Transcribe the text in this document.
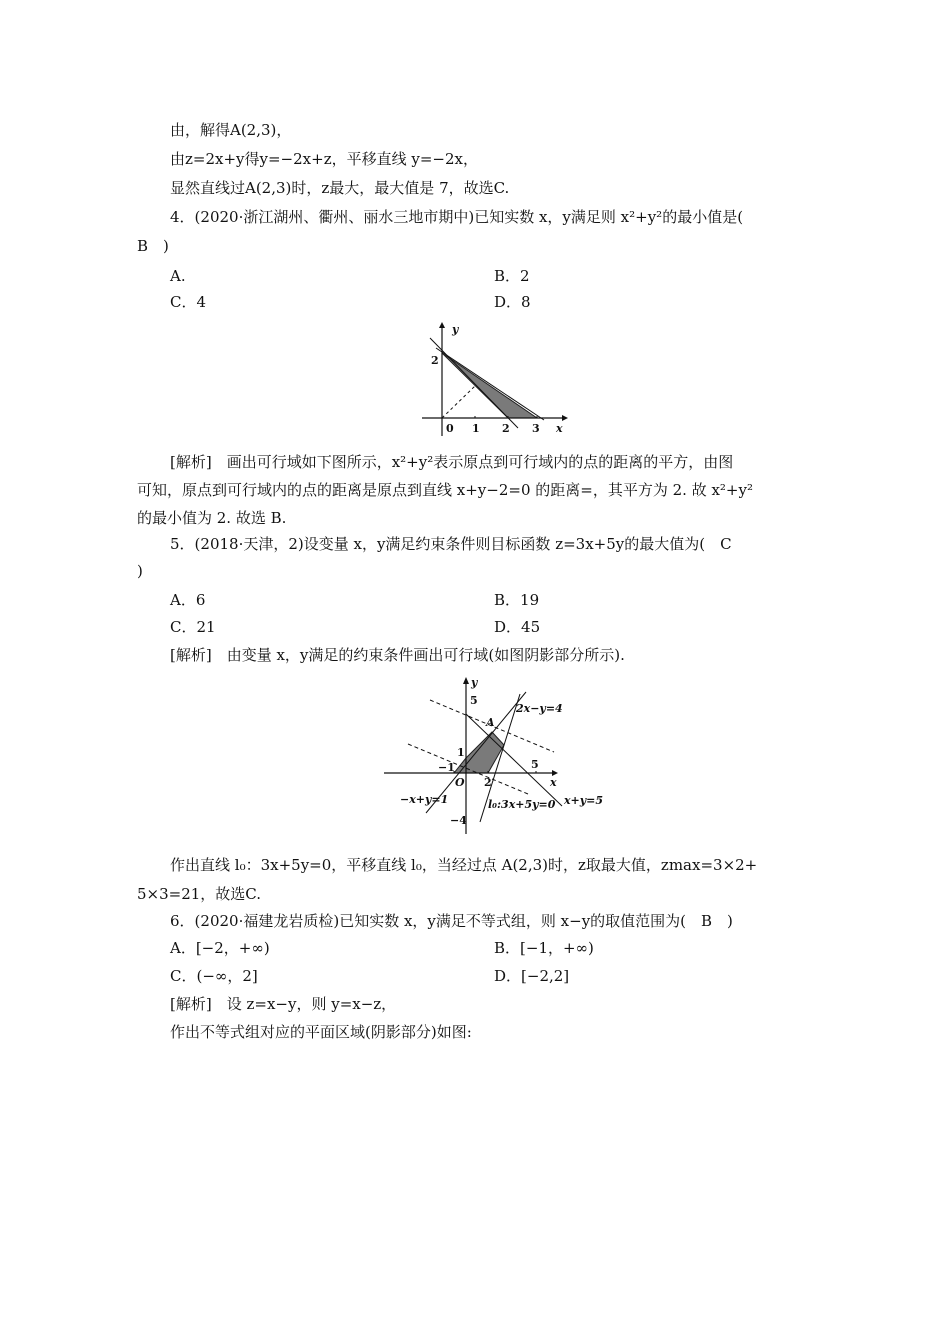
由，解得A(2,3)，
由z=2x+y得y=−2x+z，平移直线 y=−2x，
显然直线过A(2,3)时，z最大，最大值是 7，故选C.
4．(2020·浙江湖州、衢州、丽水三地市期中)已知实数 x，y满足则 x²+y²的最小值是(
B　)
A.	B．2
C．4	D．8
y
x
2
0 1 2 3
[解析]　画出可行域如下图所示，x²+y²表示原点到可行域内的点的距离的平方，由图
可知，原点到可行域内的点的距离是原点到直线 x+y−2=0 的距离=，其平方为 2. 故 x²+y²
的最小值为 2. 故选 B.
5．(2018·天津，2)设变量 x，y满足约束条件则目标函数 z=3x+5y的最大值为(　C
)
A．6	B．19
C．21	D．45
[解析]　由变量 x，y满足的约束条件画出可行域(如图阴影部分所示).
y
x
5
1
−1
O 2
5
−4
A
2x−y=4
−x+y=1	l₀:3x+5y=0 x+y=5
作出直线 l₀：3x+5y=0，平移直线 l₀，当经过点 A(2,3)时，z取最大值，zmax=3×2+
5×3=21，故选C.
6．(2020·福建龙岩质检)已知实数 x，y满足不等式组，则 x−y的取值范围为(　B　)
A．[−2，+∞)	B．[−1，+∞)
C．(−∞，2]	D．[−2,2]
[解析]　设 z=x−y，则 y=x−z，
作出不等式组对应的平面区域(阴影部分)如图:
